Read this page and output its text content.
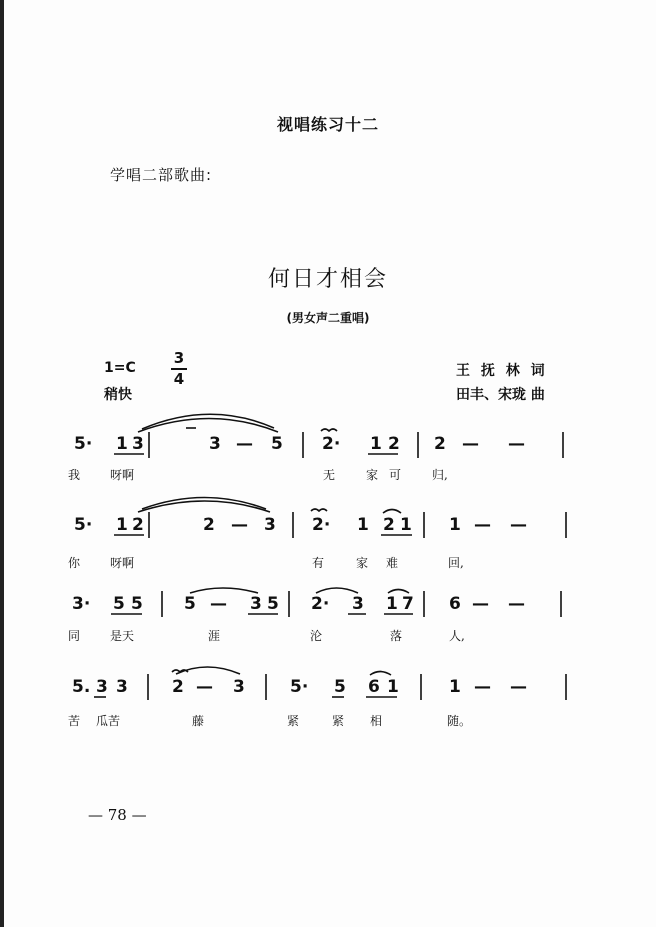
视唱练习十二
学唱二部歌曲:
何日才相会
(男女声二重唱)
1=C
3
4
稍快
王 抚 林 词
田丰、宋珑 曲
5· 1 3	3 — 5 2· 1 2 2 — —
5· 1 2	2 — 3 2· 1 2 1 1 — —
3· 5 5 5 — 3 5 2· 3 1 7 6 — —
5. 3 3	2 — 3	5· 5 6 1	1 — —
我 呀啊	无	家 可	归,
你 呀啊	有	家 难	回,
同 是天	涯	沦	落	人,
苦 瓜苦	藤	紧	紧 相	随。
— 78 —
